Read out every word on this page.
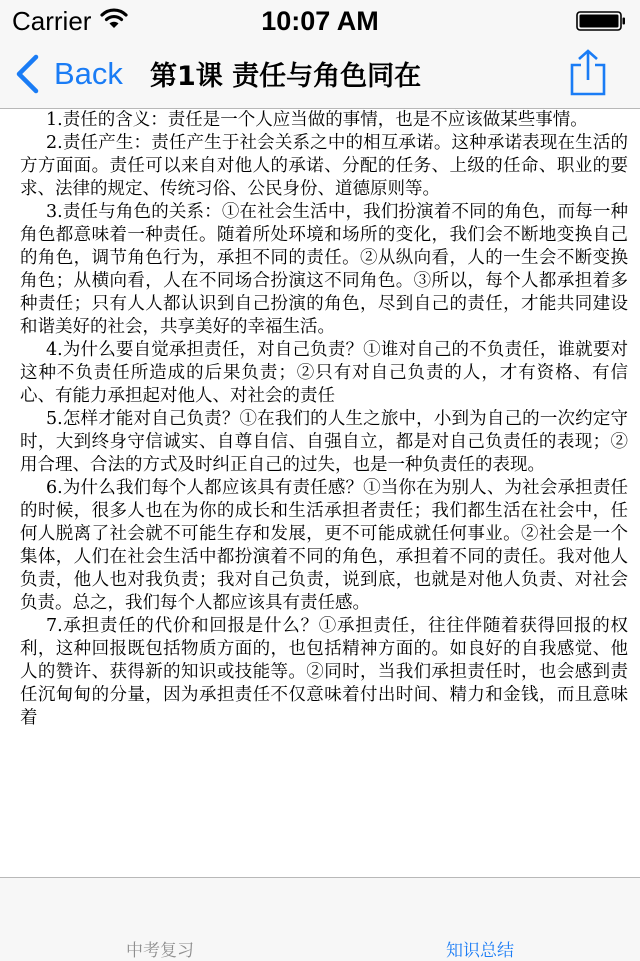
Carrier	10:07 AM
Back 第1课 责任与角色同在

1.责任的含义：责任是一个人应当做的事情，也是不应该做某些事情。

2.责任产生：责任产生于社会关系之中的相互承诺。这种承诺表现在生活的方方面面。责任可以来自对他人的承诺、分配的任务、上级的任命、职业的要求、法律的规定、传统习俗、公民身份、道德原则等。

3.责任与角色的关系：①在社会生活中，我们扮演着不同的角色，而每一种角色都意味着一种责任。随着所处环境和场所的变化，我们会不断地变换自己的角色，调节角色行为，承担不同的责任。②从纵向看，人的一生会不断变换角色；从横向看，人在不同场合扮演这不同角色。③所以，每个人都承担着多种责任；只有人人都认识到自己扮演的角色，尽到自己的责任，才能共同建设和谐美好的社会，共享美好的幸福生活。

4.为什么要自觉承担责任，对自己负责？①谁对自己的不负责任，谁就要对这种不负责任所造成的后果负责；②只有对自己负责的人，才有资格、有信心、有能力承担起对他人、对社会的责任

5.怎样才能对自己负责？①在我们的人生之旅中，小到为自己的一次约定守时，大到终身守信诚实、自尊自信、自强自立，都是对自己负责任的表现；②用合理、合法的方式及时纠正自己的过失，也是一种负责任的表现。

6.为什么我们每个人都应该具有责任感？①当你在为别人、为社会承担责任的时候，很多人也在为你的成长和生活承担者责任；我们都生活在社会中，任何人脱离了社会就不可能生存和发展，更不可能成就任何事业。②社会是一个集体，人们在社会生活中都扮演着不同的角色，承担着不同的责任。我对他人负责，他人也对我负责；我对自己负责，说到底，也就是对他人负责、对社会负责。总之，我们每个人都应该具有责任感。

7.承担责任的代价和回报是什么？①承担责任，往往伴随着获得回报的权利，这种回报既包括物质方面的，也包括精神方面的。如良好的自我感觉、他人的赞许、获得新的知识或技能等。②同时，当我们承担责任时，也会感到责任沉甸甸的分量，因为承担责任不仅意味着付出时间、精力和金钱，而且意味着

中考复习	知识总结
